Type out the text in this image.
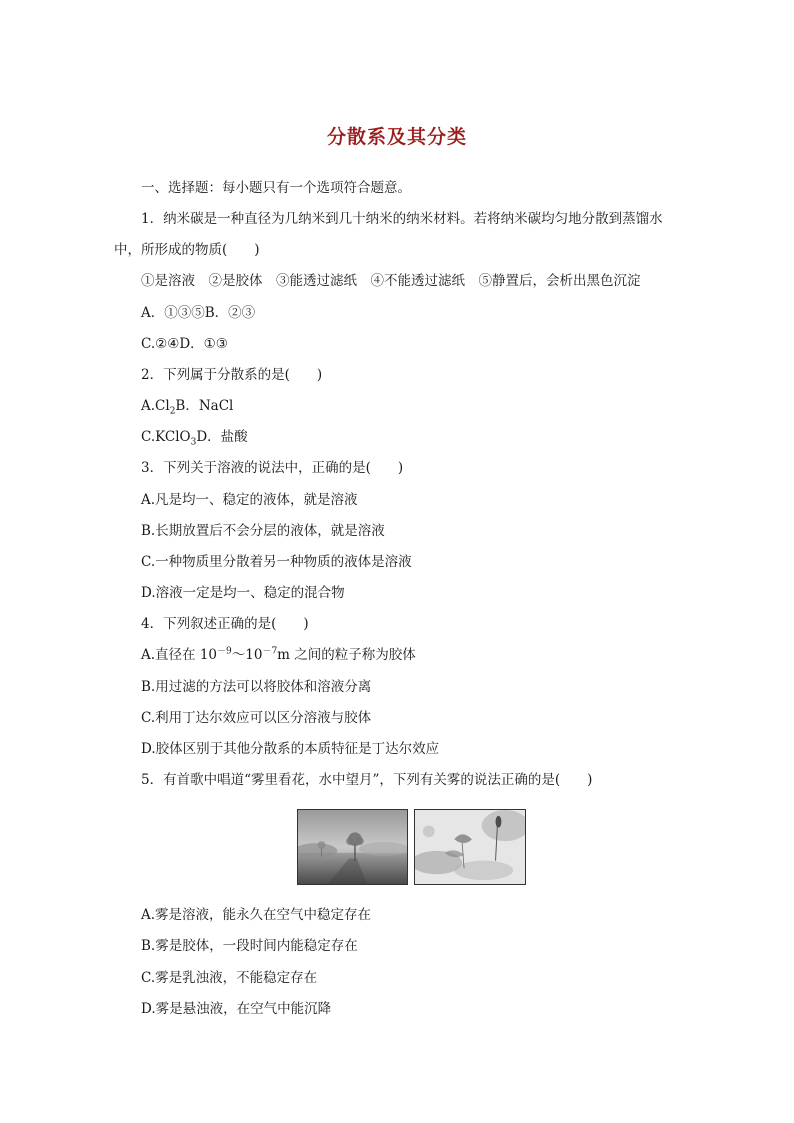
分散系及其分类
一、选择题：每小题只有一个选项符合题意。
1．纳米碳是一种直径为几纳米到几十纳米的纳米材料。若将纳米碳均匀地分散到蒸馏水
中，所形成的物质(　　)
①是溶液　②是胶体　③能透过滤纸　④不能透过滤纸　⑤静置后，会析出黑色沉淀
A．①③⑤B．②③
C.②④D．①③
2．下列属于分散系的是(　　)
$A.Cl_2B$．NaCl
C.KClO$_3$D．盐酸
3．下列关于溶液的说法中，正确的是(　　)
A.凡是均一、稳定的液体，就是溶液
B.长期放置后不会分层的液体，就是溶液
C.一种物质里分散着另一种物质的液体是溶液
D.溶液一定是均一、稳定的混合物
4．下列叙述正确的是(　　)
A.直径在 $10^{-9}\sim 10^{-7}m$ 之间的粒子称为胶体
B.用过滤的方法可以将胶体和溶液分离
C.利用丁达尔效应可以区分溶液与胶体
D.胶体区别于其他分散系的本质特征是丁达尔效应
5．有首歌中唱道“雾里看花，水中望月”，下列有关雾的说法正确的是(　　)
A.雾是溶液，能永久在空气中稳定存在
B.雾是胶体，一段时间内能稳定存在
C.雾是乳浊液，不能稳定存在
D.雾是悬浊液，在空气中能沉降
